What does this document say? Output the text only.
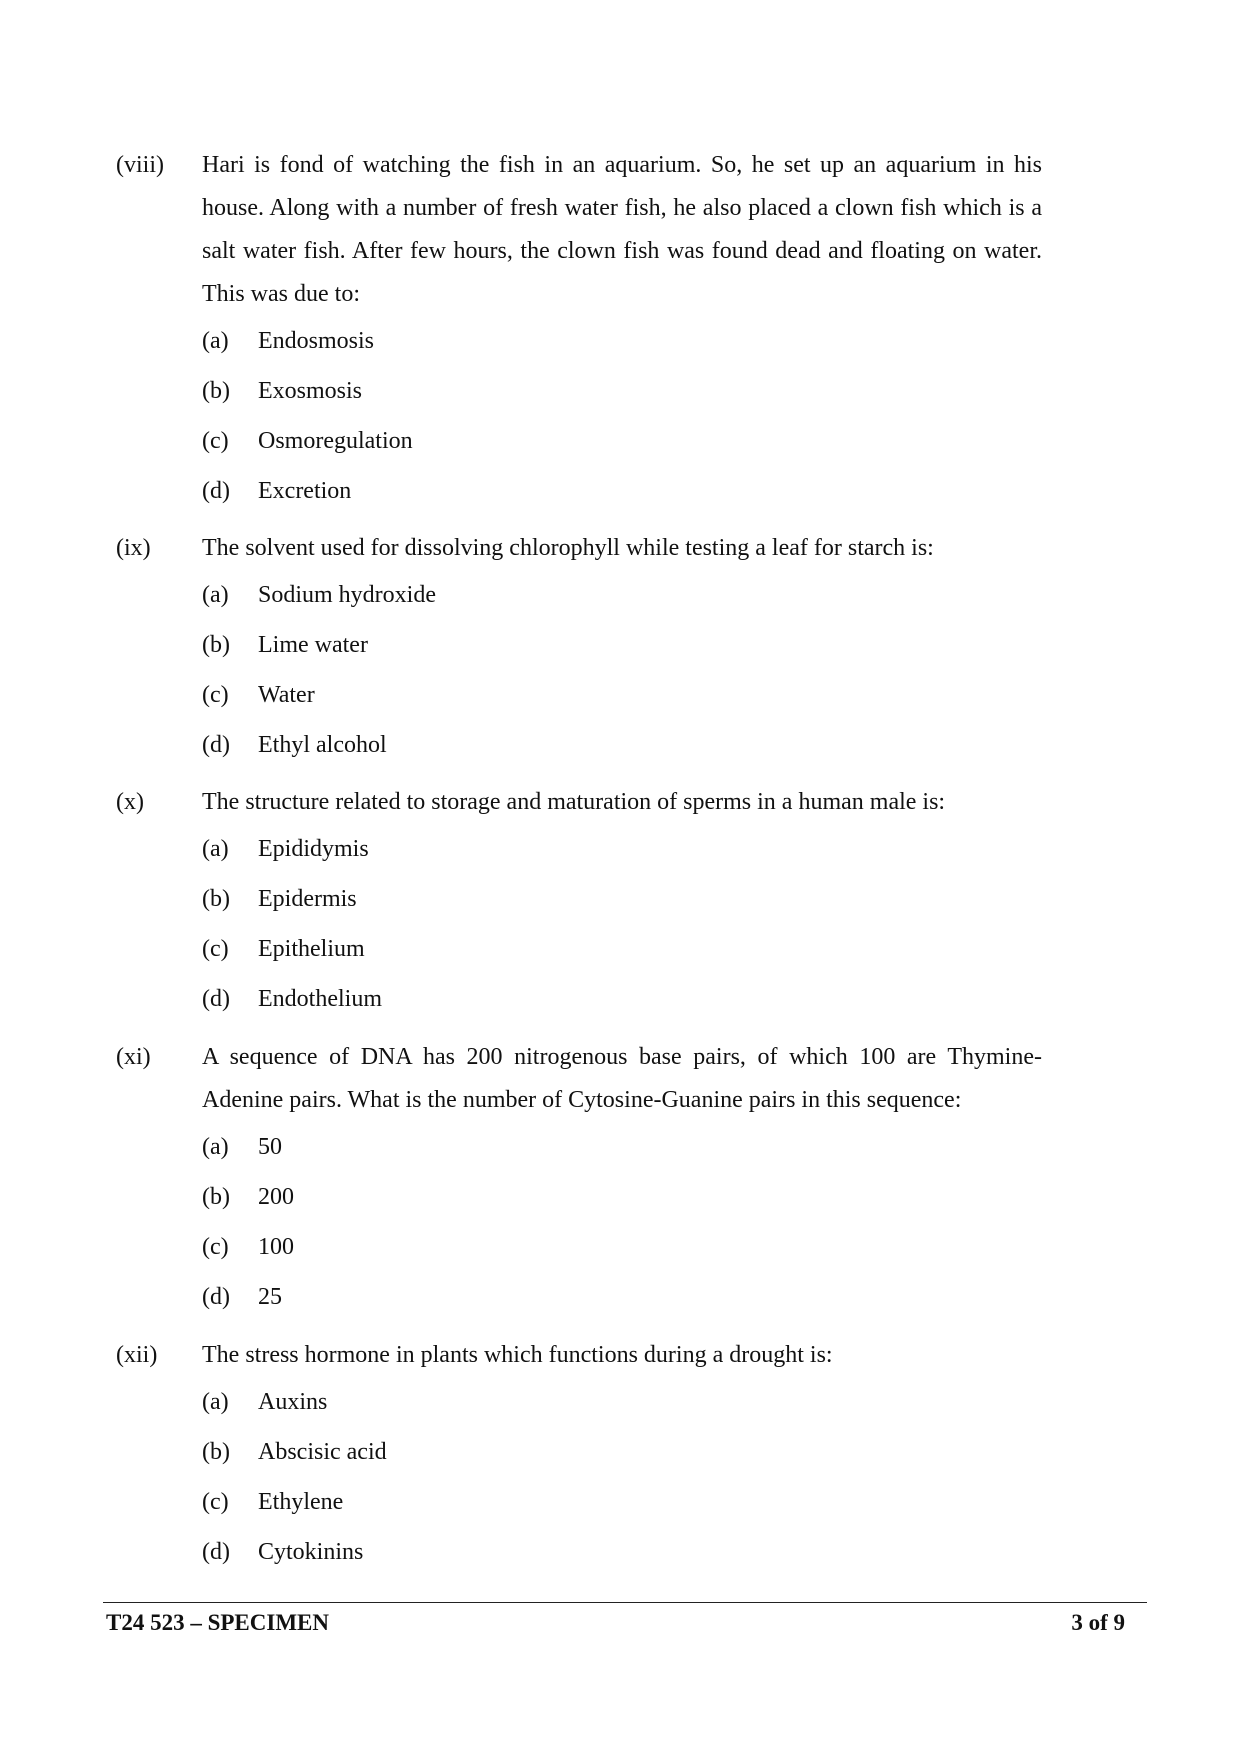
(viii) Hari is fond of watching the fish in an aquarium. So, he set up an aquarium in his house. Along with a number of fresh water fish, he also placed a clown fish which is a salt water fish. After few hours, the clown fish was found dead and floating on water. This was due to:
(a) Endosmosis
(b) Exosmosis
(c) Osmoregulation
(d) Excretion
(ix) The solvent used for dissolving chlorophyll while testing a leaf for starch is:
(a) Sodium hydroxide
(b) Lime water
(c) Water
(d) Ethyl alcohol
(x) The structure related to storage and maturation of sperms in a human male is:
(a) Epididymis
(b) Epidermis
(c) Epithelium
(d) Endothelium
(xi) A sequence of DNA has 200 nitrogenous base pairs, of which 100 are Thymine-Adenine pairs. What is the number of Cytosine-Guanine pairs in this sequence:
(a) 50
(b) 200
(c) 100
(d) 25
(xii) The stress hormone in plants which functions during a drought is:
(a) Auxins
(b) Abscisic acid
(c) Ethylene
(d) Cytokinins
T24 523 – SPECIMEN	3 of 9
